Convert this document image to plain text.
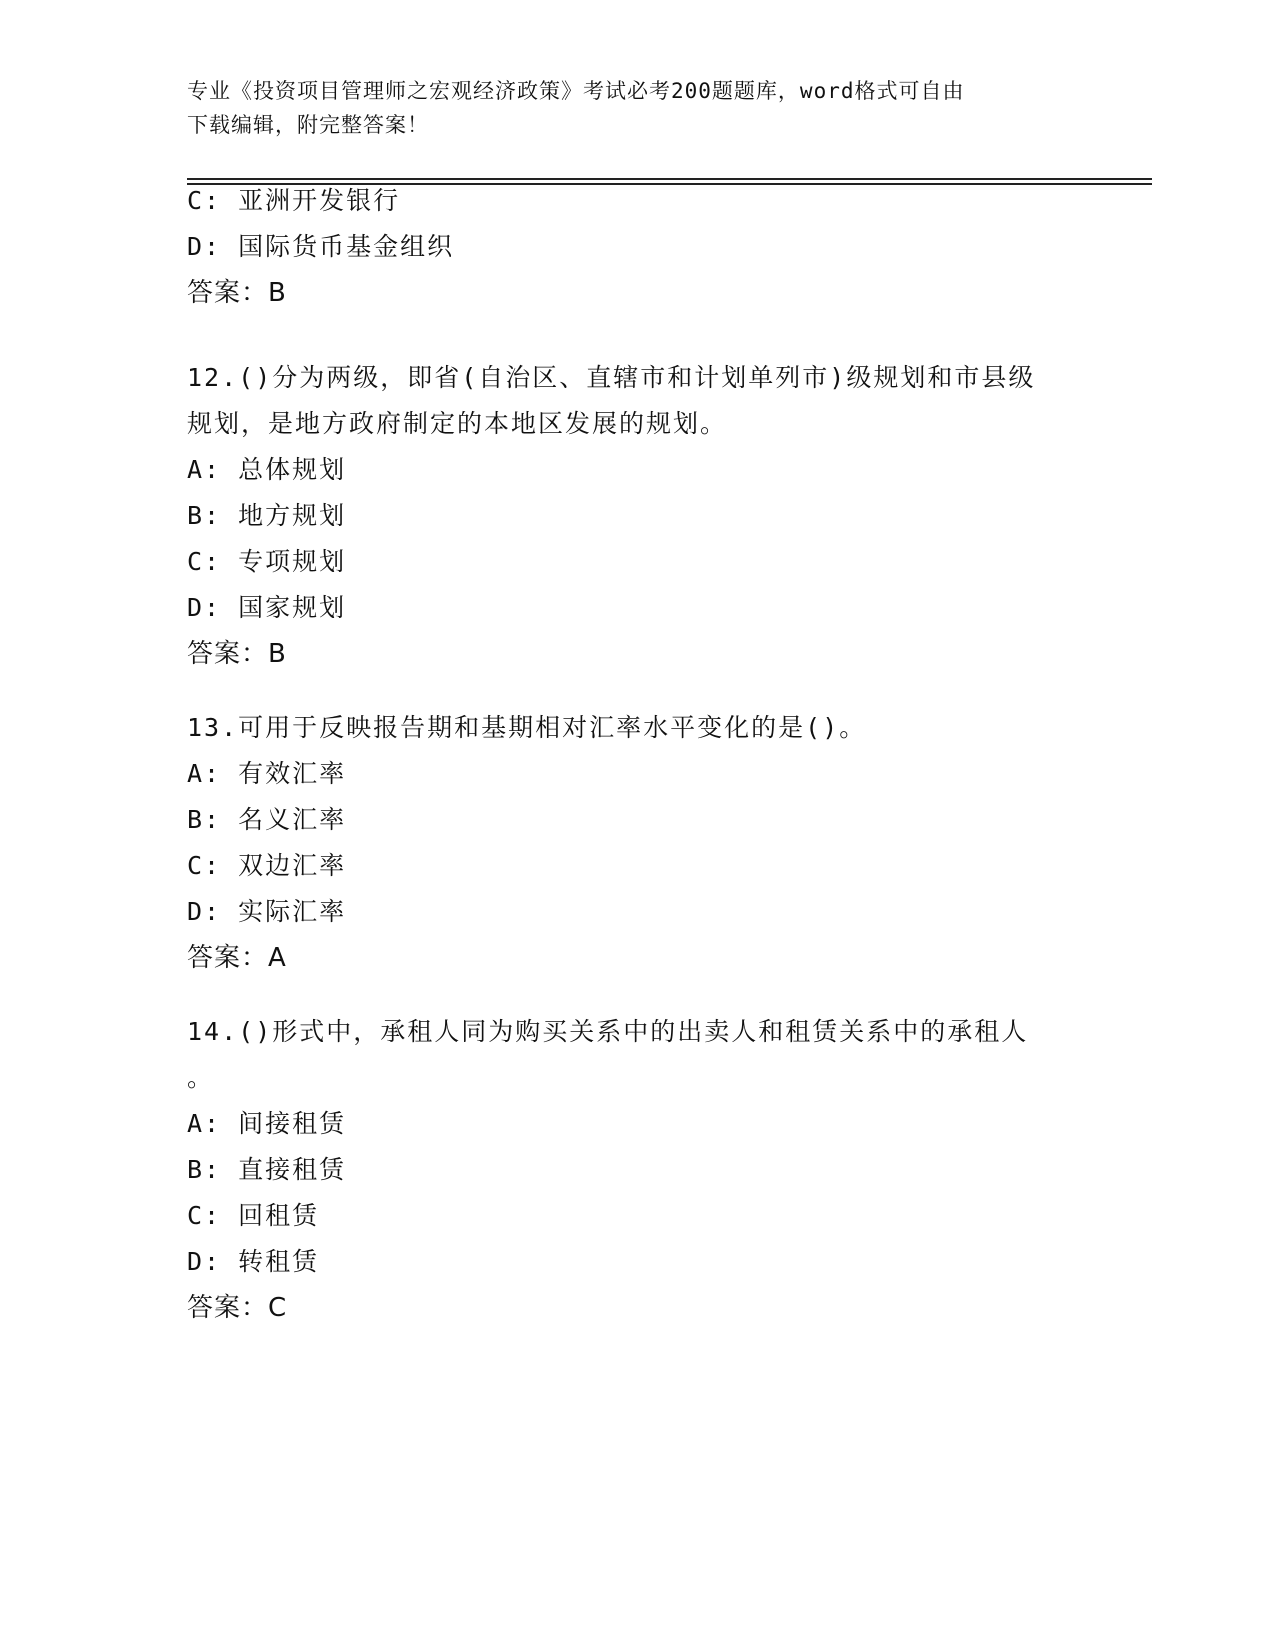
专业《投资项目管理师之宏观经济政策》考试必考200题题库，word格式可自由
下载编辑，附完整答案！
C: 亚洲开发银行
D: 国际货币基金组织
答案：B
12.()分为两级，即省(自治区、直辖市和计划单列市)级规划和市县级
规划，是地方政府制定的本地区发展的规划。
A: 总体规划
B: 地方规划
C: 专项规划
D: 国家规划
答案：B
13.可用于反映报告期和基期相对汇率水平变化的是()。
A: 有效汇率
B: 名义汇率
C: 双边汇率
D: 实际汇率
答案：A
14.()形式中，承租人同为购买关系中的出卖人和租赁关系中的承租人
。
A: 间接租赁
B: 直接租赁
C: 回租赁
D: 转租赁
答案：C
